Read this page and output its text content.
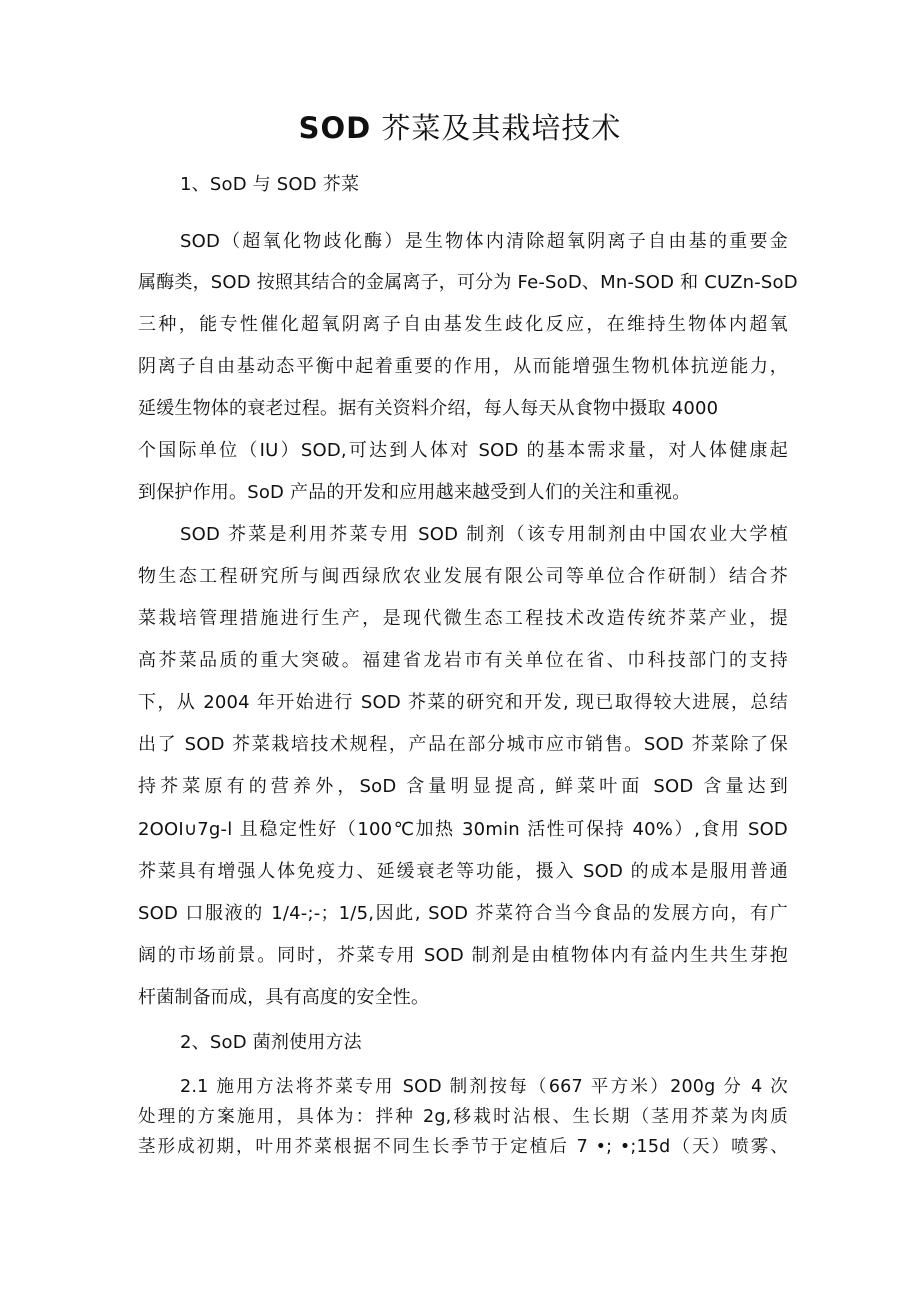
SOD 芥菜及其栽培技术
1、SoD 与 SOD 芥菜
SOD（超氧化物歧化酶）是生物体内清除超氧阴离子自由基的重要金
属酶类，SOD 按照其结合的金属离子，可分为 Fe-SoD、Mn-SOD 和 CUZn-SoD
三种，能专性催化超氧阴离子自由基发生歧化反应，在维持生物体内超氧
阴离子自由基动态平衡中起着重要的作用，从而能增强生物机体抗逆能力，
延缓生物体的衰老过程。据有关资料介绍，每人每天从食物中摄取 4000
个国际单位（IU）SOD,可达到人体对 SOD 的基本需求量，对人体健康起
到保护作用。SoD 产品的开发和应用越来越受到人们的关注和重视。
SOD 芥菜是利用芥菜专用 SOD 制剂（该专用制剂由中国农业大学植
物生态工程研究所与闽西绿欣农业发展有限公司等单位合作研制）结合芥
菜栽培管理措施进行生产，是现代微生态工程技术改造传统芥菜产业，提
高芥菜品质的重大突破。福建省龙岩市有关单位在省、巾科技部门的支持
下，从 2004 年开始进行 SOD 芥菜的研究和开发, 现已取得较大进展，总结
出了 SOD 芥菜栽培技术规程，产品在部分城市应市销售。SOD 芥菜除了保
持芥菜原有的营养外，SoD 含量明显提高, 鲜菜叶面 SOD 含量达到
2OOI∪7g-l 且稳定性好（100℃加热 30min 活性可保持 40%）,食用 SOD
芥菜具有增强人体免疫力、延缓衰老等功能，摄入 SOD 的成本是服用普通
SOD 口服液的 1/4-;-；1/5,因此, SOD 芥菜符合当今食品的发展方向，有广
阔的市场前景。同时，芥菜专用 SOD 制剂是由植物体内有益内生共生芽抱
杆菌制备而成，具有高度的安全性。
2、SoD 菌剂使用方法
2.1 施用方法将芥菜专用 SOD 制剂按每（667 平方米）200g 分 4 次
处理的方案施用，具体为：拌种 2g,移栽时沾根、生长期（茎用芥菜为肉质
茎形成初期，叶用芥菜根据不同生长季节于定植后 7 •; •;15d（天）喷雾、
